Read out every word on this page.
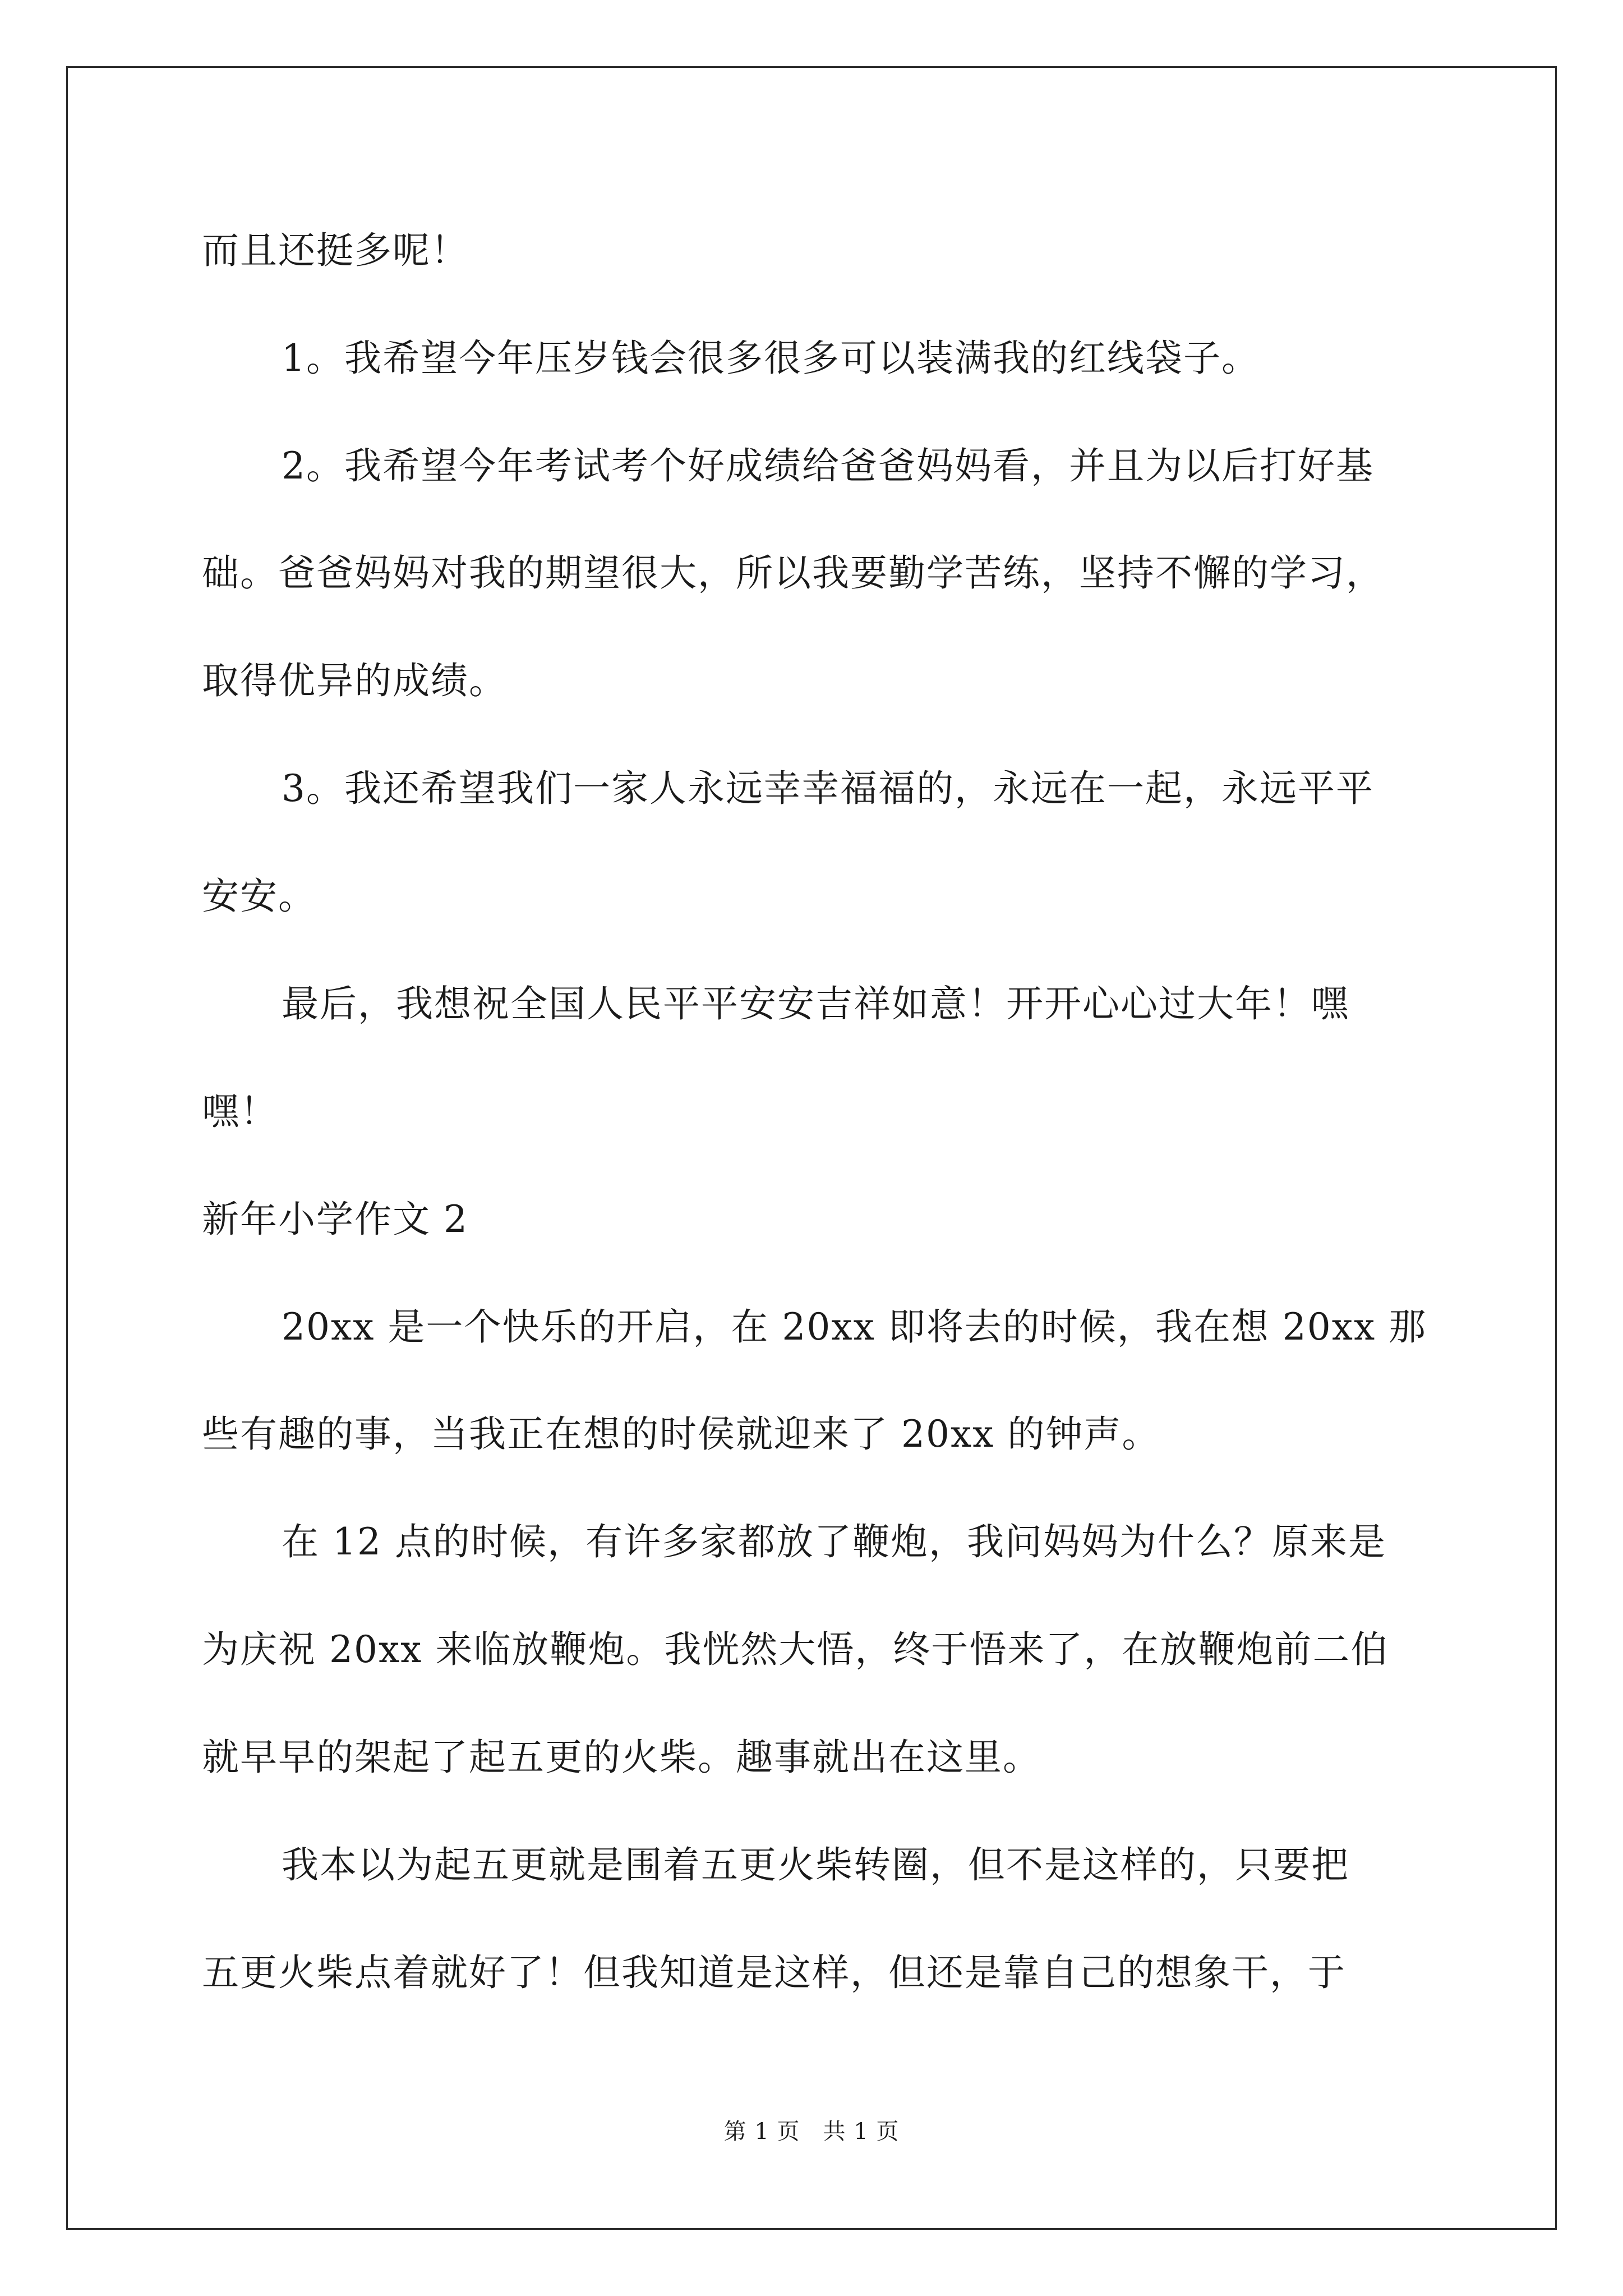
而且还挺多呢！
1。我希望今年压岁钱会很多很多可以装满我的红线袋子。
2。我希望今年考试考个好成绩给爸爸妈妈看，并且为以后打好基
础。爸爸妈妈对我的期望很大，所以我要勤学苦练，坚持不懈的学习，
取得优异的成绩。
3。我还希望我们一家人永远幸幸福福的，永远在一起，永远平平
安安。
最后，我想祝全国人民平平安安吉祥如意！开开心心过大年！嘿
嘿！
新年小学作文 2
20xx 是一个快乐的开启，在 20xx 即将去的时候，我在想 20xx 那
些有趣的事，当我正在想的时侯就迎来了 20xx 的钟声。
在 12 点的时候，有许多家都放了鞭炮，我问妈妈为什么？原来是
为庆祝 20xx 来临放鞭炮。我恍然大悟，终于悟来了，在放鞭炮前二伯
就早早的架起了起五更的火柴。趣事就出在这里。
我本以为起五更就是围着五更火柴转圈，但不是这样的，只要把
五更火柴点着就好了！但我知道是这样，但还是靠自己的想象干，于
第 1 页　共 1 页
